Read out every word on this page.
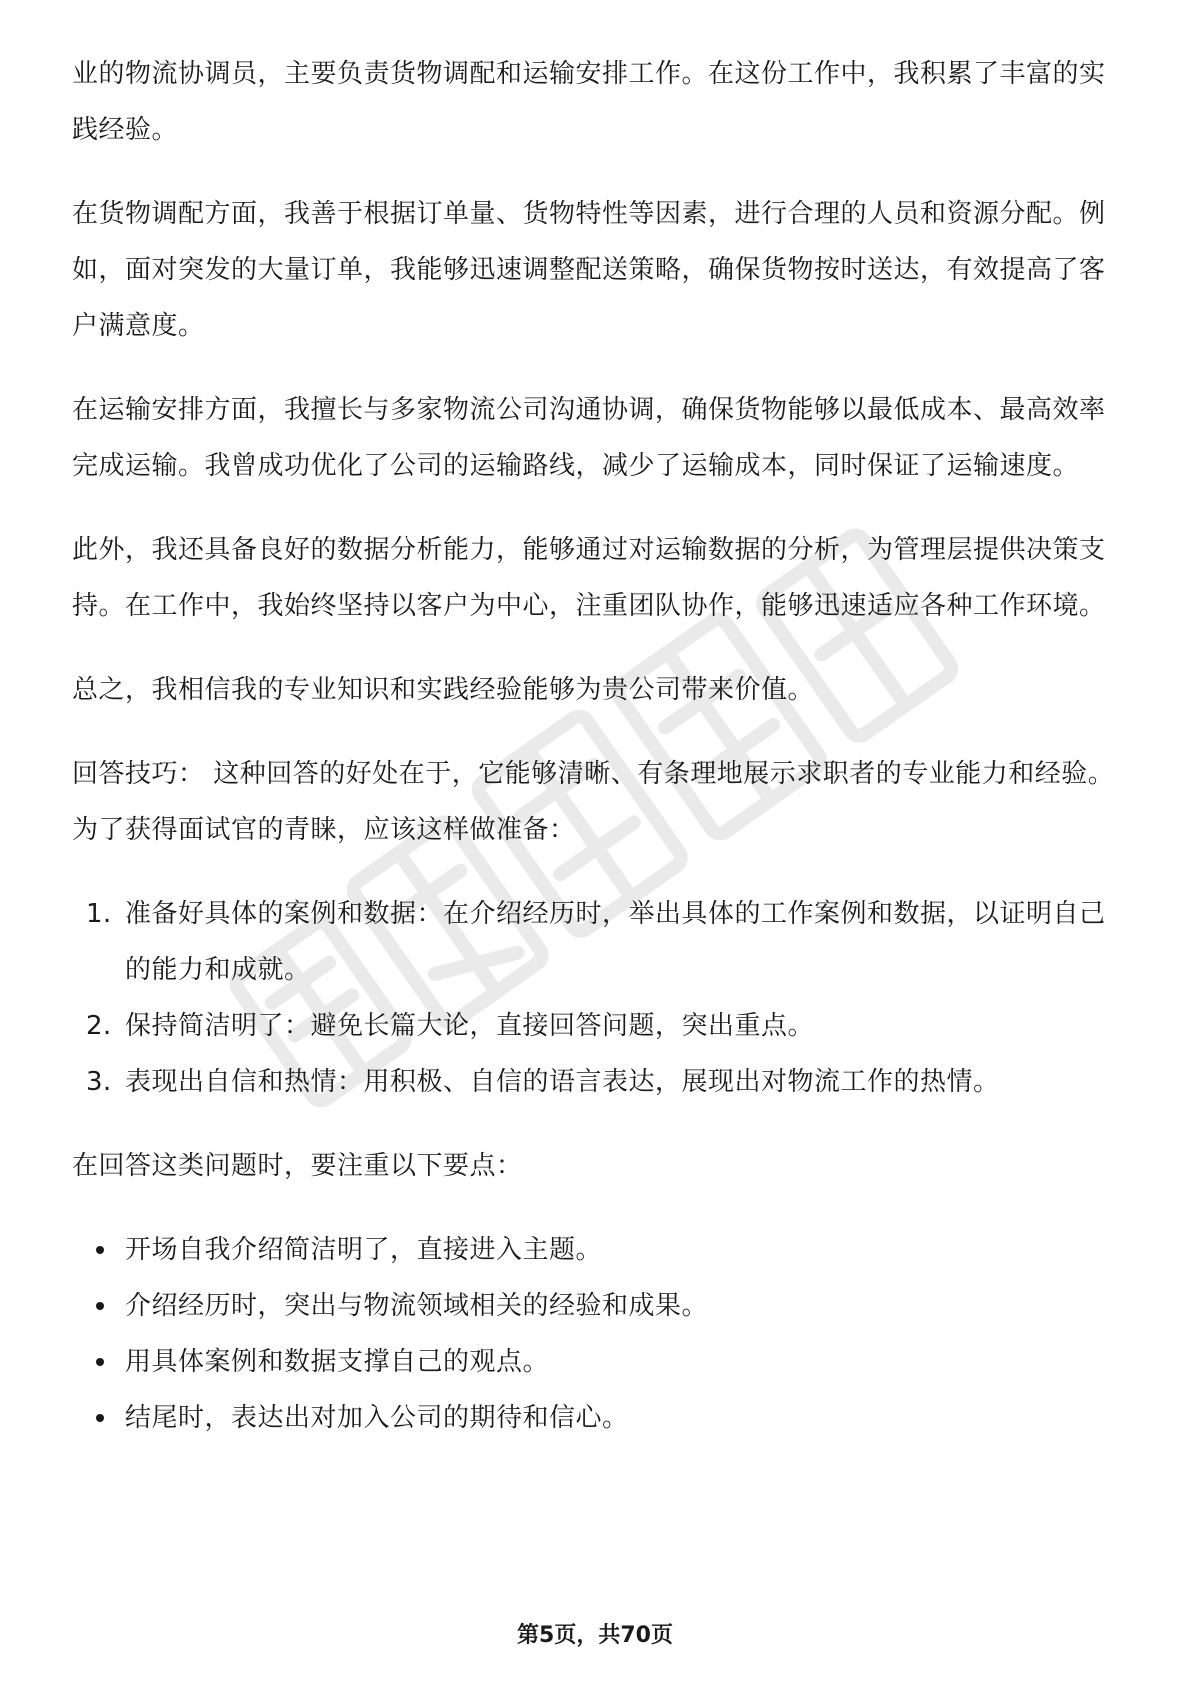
业的物流协调员，主要负责货物调配和运输安排工作。在这份工作中，我积累了丰富的实践经验。

在货物调配方面，我善于根据订单量、货物特性等因素，进行合理的人员和资源分配。例如，面对突发的大量订单，我能够迅速调整配送策略，确保货物按时送达，有效提高了客户满意度。

在运输安排方面，我擅长与多家物流公司沟通协调，确保货物能够以最低成本、最高效率完成运输。我曾成功优化了公司的运输路线，减少了运输成本，同时保证了运输速度。

此外，我还具备良好的数据分析能力，能够通过对运输数据的分析，为管理层提供决策支持。在工作中，我始终坚持以客户为中心，注重团队协作，能够迅速适应各种工作环境。

总之，我相信我的专业知识和实践经验能够为贵公司带来价值。

回答技巧： 这种回答的好处在于，它能够清晰、有条理地展示求职者的专业能力和经验。为了获得面试官的青睐，应该这样做准备：

1. 准备好具体的案例和数据：在介绍经历时，举出具体的工作案例和数据，以证明自己的能力和成就。
2. 保持简洁明了：避免长篇大论，直接回答问题，突出重点。
3. 表现出自信和热情：用积极、自信的语言表达，展现出对物流工作的热情。

在回答这类问题时，要注重以下要点：

开场自我介绍简洁明了，直接进入主题。
介绍经历时，突出与物流领域相关的经验和成果。
用具体案例和数据支撑自己的观点。
结尾时，表达出对加入公司的期待和信心。
第5页，共70页
